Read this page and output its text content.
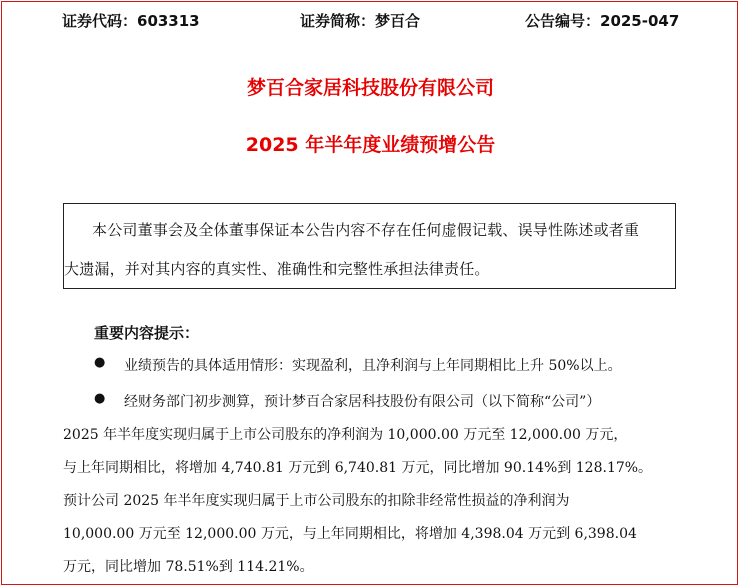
证券代码：603313	证券简称：梦百合	公告编号：2025-047
梦百合家居科技股份有限公司
2025 年半年度业绩预增公告
本公司董事会及全体董事保证本公告内容不存在任何虚假记载、误导性陈述或者重
大遗漏，并对其内容的真实性、准确性和完整性承担法律责任。
重要内容提示：
● 业绩预告的具体适用情形：实现盈利，且净利润与上年同期相比上升 50%以上。
● 经财务部门初步测算，预计梦百合家居科技股份有限公司（以下简称“公司”）
2025 年半年度实现归属于上市公司股东的净利润为 10,000.00 万元至 12,000.00 万元，
与上年同期相比，将增加 4,740.81 万元到 6,740.81 万元，同比增加 90.14%到 128.17%。
预计公司 2025 年半年度实现归属于上市公司股东的扣除非经常性损益的净利润为
10,000.00 万元至 12,000.00 万元，与上年同期相比，将增加 4,398.04 万元到 6,398.04
万元，同比增加 78.51%到 114.21%。
